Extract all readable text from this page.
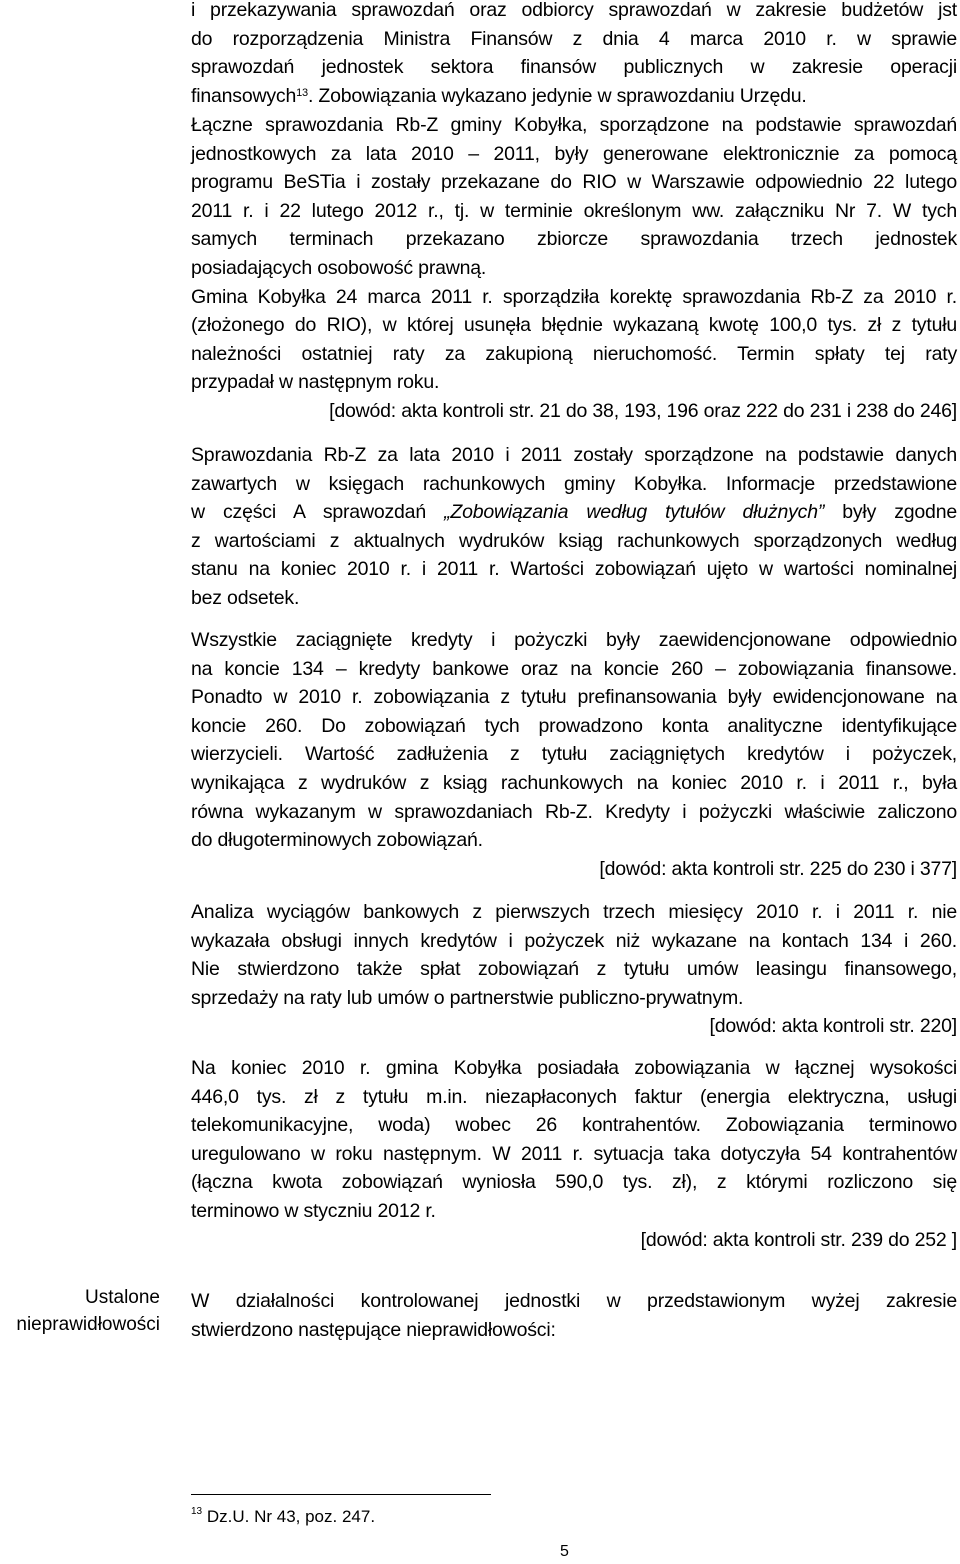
i przekazywania sprawozdań oraz odbiorcy sprawozdań w zakresie budżetów jst
do rozporządzenia Ministra Finansów z dnia 4 marca 2010 r. w sprawie
sprawozdań jednostek sektora finansów publicznych w zakresie operacji
finansowych$^{13}$. Zobowiązania wykazano jedynie w sprawozdaniu Urzędu.
Łączne sprawozdania Rb-Z gminy Kobyłka, sporządzone na podstawie sprawozdań
jednostkowych za lata 2010 – 2011, były generowane elektronicznie za pomocą
programu BeSTia i zostały przekazane do RIO w Warszawie odpowiednio 22 lutego
2011 r. i 22 lutego 2012 r., tj. w terminie określonym ww. załączniku Nr 7. W tych
samych terminach przekazano zbiorcze sprawozdania trzech jednostek
posiadających osobowość prawną.
Gmina Kobyłka 24 marca 2011 r. sporządziła korektę sprawozdania Rb-Z za 2010 r.
(złożonego do RIO), w której usunęła błędnie wykazaną kwotę 100,0 tys. zł z tytułu
należności ostatniej raty za zakupioną nieruchomość. Termin spłaty tej raty
przypadał w następnym roku.
[dowód: akta kontroli str. 21 do 38, 193, 196 oraz 222 do 231 i 238 do 246]
Sprawozdania Rb-Z za lata 2010 i 2011 zostały sporządzone na podstawie danych
zawartych w księgach rachunkowych gminy Kobyłka. Informacje przedstawione
w części A sprawozdań „Zobowiązania według tytułów dłużnych” były zgodne
z wartościami z aktualnych wydruków ksiąg rachunkowych sporządzonych według
stanu na koniec 2010 r. i 2011 r. Wartości zobowiązań ujęto w wartości nominalnej
bez odsetek.
Wszystkie zaciągnięte kredyty i pożyczki były zaewidencjonowane odpowiednio
na koncie 134 – kredyty bankowe oraz na koncie 260 – zobowiązania finansowe.
Ponadto w 2010 r. zobowiązania z tytułu prefinansowania były ewidencjonowane na
koncie 260. Do zobowiązań tych prowadzono konta analityczne identyfikujące
wierzycieli. Wartość zadłużenia z tytułu zaciągniętych kredytów i pożyczek,
wynikająca z wydruków z ksiąg rachunkowych na koniec 2010 r. i 2011 r., była
równa wykazanym w sprawozdaniach Rb-Z. Kredyty i pożyczki właściwie zaliczono
do długoterminowych zobowiązań.
[dowód: akta kontroli str. 225 do 230 i 377]
Analiza wyciągów bankowych z pierwszych trzech miesięcy 2010 r. i 2011 r. nie
wykazała obsługi innych kredytów i pożyczek niż wykazane na kontach 134 i 260.
Nie stwierdzono także spłat zobowiązań z tytułu umów leasingu finansowego,
sprzedaży na raty lub umów o partnerstwie publiczno-prywatnym.
[dowód: akta kontroli str. 220]
Na koniec 2010 r. gmina Kobyłka posiadała zobowiązania w łącznej wysokości
446,0 tys. zł z tytułu m.in. niezapłaconych faktur (energia elektryczna, usługi
telekomunikacyjne, woda) wobec 26 kontrahentów. Zobowiązania terminowo
uregulowano w roku następnym. W 2011 r. sytuacja taka dotyczyła 54 kontrahentów
(łączna kwota zobowiązań wyniosła 590,0 tys. zł), z którymi rozliczono się
terminowo w styczniu 2012 r.
[dowód: akta kontroli str. 239 do 252 ]
Ustalone
nieprawidłowości
W działalności kontrolowanej jednostki w przedstawionym wyżej zakresie
stwierdzono następujące nieprawidłowości:
$^{13}$ Dz.U. Nr 43, poz. 247.
5
